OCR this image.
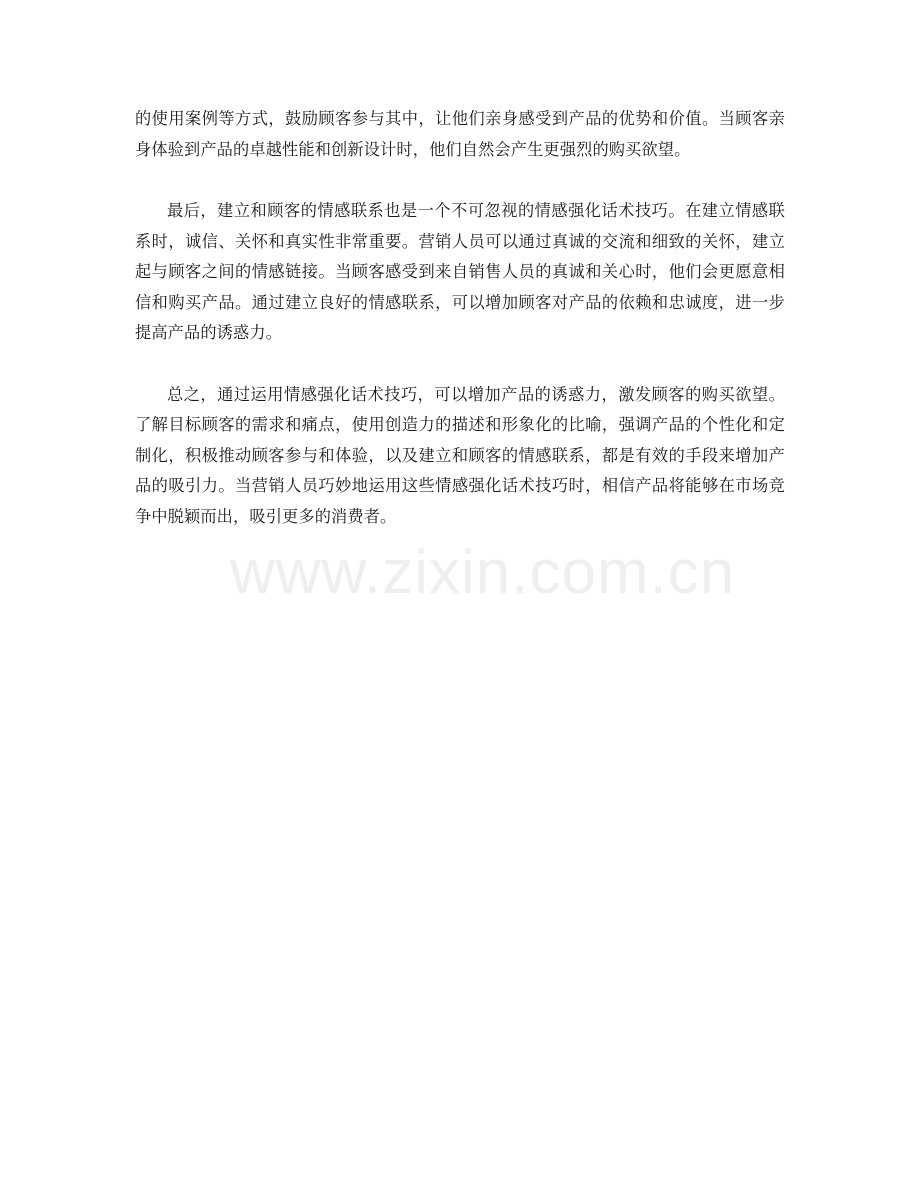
的使用案例等方式，鼓励顾客参与其中，让他们亲身感受到产品的优势和价值。当顾客亲身体验到产品的卓越性能和创新设计时，他们自然会产生更强烈的购买欲望。

最后，建立和顾客的情感联系也是一个不可忽视的情感强化话术技巧。在建立情感联系时，诚信、关怀和真实性非常重要。营销人员可以通过真诚的交流和细致的关怀，建立起与顾客之间的情感链接。当顾客感受到来自销售人员的真诚和关心时，他们会更愿意相信和购买产品。通过建立良好的情感联系，可以增加顾客对产品的依赖和忠诚度，进一步提高产品的诱惑力。

总之，通过运用情感强化话术技巧，可以增加产品的诱惑力，激发顾客的购买欲望。了解目标顾客的需求和痛点，使用创造力的描述和形象化的比喻，强调产品的个性化和定制化，积极推动顾客参与和体验，以及建立和顾客的情感联系，都是有效的手段来增加产品的吸引力。当营销人员巧妙地运用这些情感强化话术技巧时，相信产品将能够在市场竞争中脱颖而出，吸引更多的消费者。

www.zixin.com.cn
